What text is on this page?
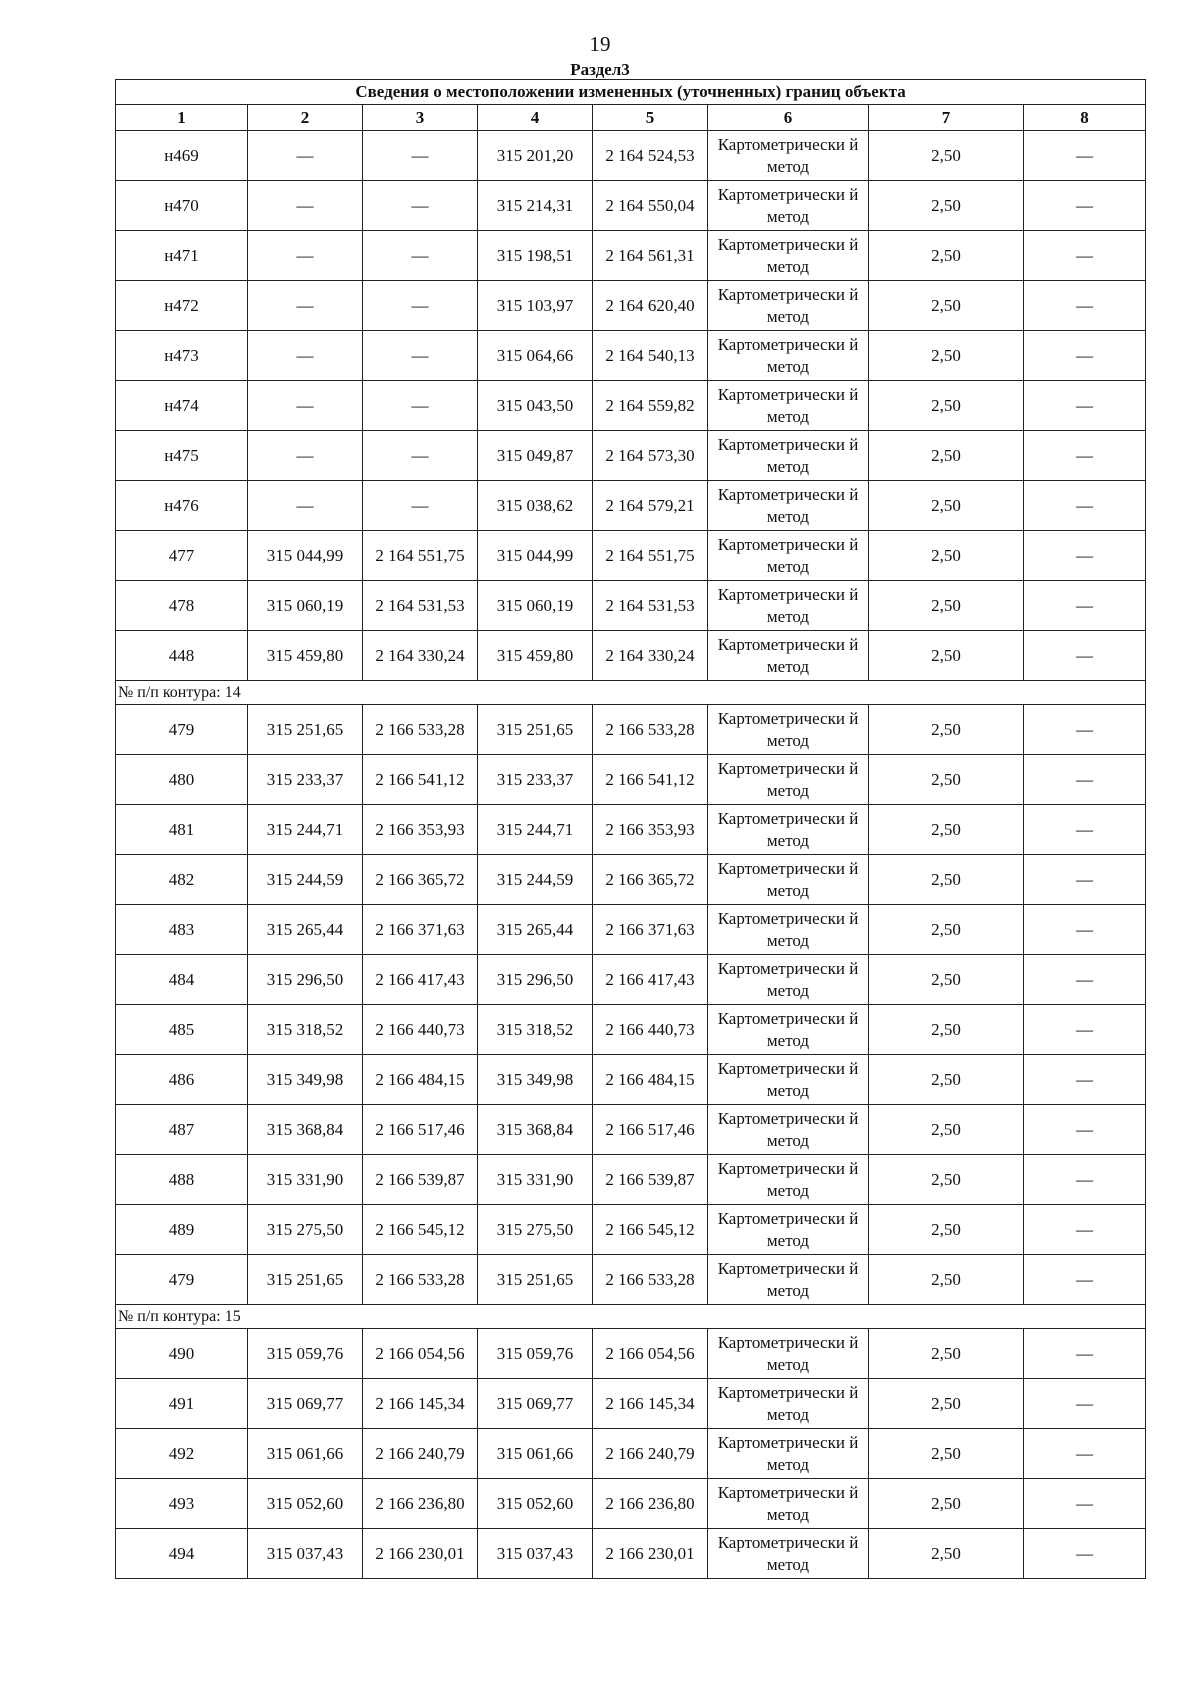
19
Раздел3
Сведения о местоположении измененных (уточненных) границ объекта							
1	2	3	4	5	6	7	8
н469	—	—	315 201,20	2 164 524,53	Картометрически й метод	2,50	—
н470	—	—	315 214,31	2 164 550,04	Картометрически й метод	2,50	—
н471	—	—	315 198,51	2 164 561,31	Картометрически й метод	2,50	—
н472	—	—	315 103,97	2 164 620,40	Картометрически й метод	2,50	—
н473	—	—	315 064,66	2 164 540,13	Картометрически й метод	2,50	—
н474	—	—	315 043,50	2 164 559,82	Картометрически й метод	2,50	—
н475	—	—	315 049,87	2 164 573,30	Картометрически й метод	2,50	—
н476	—	—	315 038,62	2 164 579,21	Картометрически й метод	2,50	—
477	315 044,99	2 164 551,75	315 044,99	2 164 551,75	Картометрически й метод	2,50	—
478	315 060,19	2 164 531,53	315 060,19	2 164 531,53	Картометрически й метод	2,50	—
448	315 459,80	2 164 330,24	315 459,80	2 164 330,24	Картометрически й метод	2,50	—
№ п/п контура: 14							
479	315 251,65	2 166 533,28	315 251,65	2 166 533,28	Картометрически й метод	2,50	—
480	315 233,37	2 166 541,12	315 233,37	2 166 541,12	Картометрически й метод	2,50	—
481	315 244,71	2 166 353,93	315 244,71	2 166 353,93	Картометрически й метод	2,50	—
482	315 244,59	2 166 365,72	315 244,59	2 166 365,72	Картометрически й метод	2,50	—
483	315 265,44	2 166 371,63	315 265,44	2 166 371,63	Картометрически й метод	2,50	—
484	315 296,50	2 166 417,43	315 296,50	2 166 417,43	Картометрически й метод	2,50	—
485	315 318,52	2 166 440,73	315 318,52	2 166 440,73	Картометрически й метод	2,50	—
486	315 349,98	2 166 484,15	315 349,98	2 166 484,15	Картометрически й метод	2,50	—
487	315 368,84	2 166 517,46	315 368,84	2 166 517,46	Картометрически й метод	2,50	—
488	315 331,90	2 166 539,87	315 331,90	2 166 539,87	Картометрически й метод	2,50	—
489	315 275,50	2 166 545,12	315 275,50	2 166 545,12	Картометрически й метод	2,50	—
479	315 251,65	2 166 533,28	315 251,65	2 166 533,28	Картометрически й метод	2,50	—
№ п/п контура: 15							
490	315 059,76	2 166 054,56	315 059,76	2 166 054,56	Картометрически й метод	2,50	—
491	315 069,77	2 166 145,34	315 069,77	2 166 145,34	Картометрически й метод	2,50	—
492	315 061,66	2 166 240,79	315 061,66	2 166 240,79	Картометрически й метод	2,50	—
493	315 052,60	2 166 236,80	315 052,60	2 166 236,80	Картометрически й метод	2,50	—
494	315 037,43	2 166 230,01	315 037,43	2 166 230,01	Картометрически й метод	2,50	—
